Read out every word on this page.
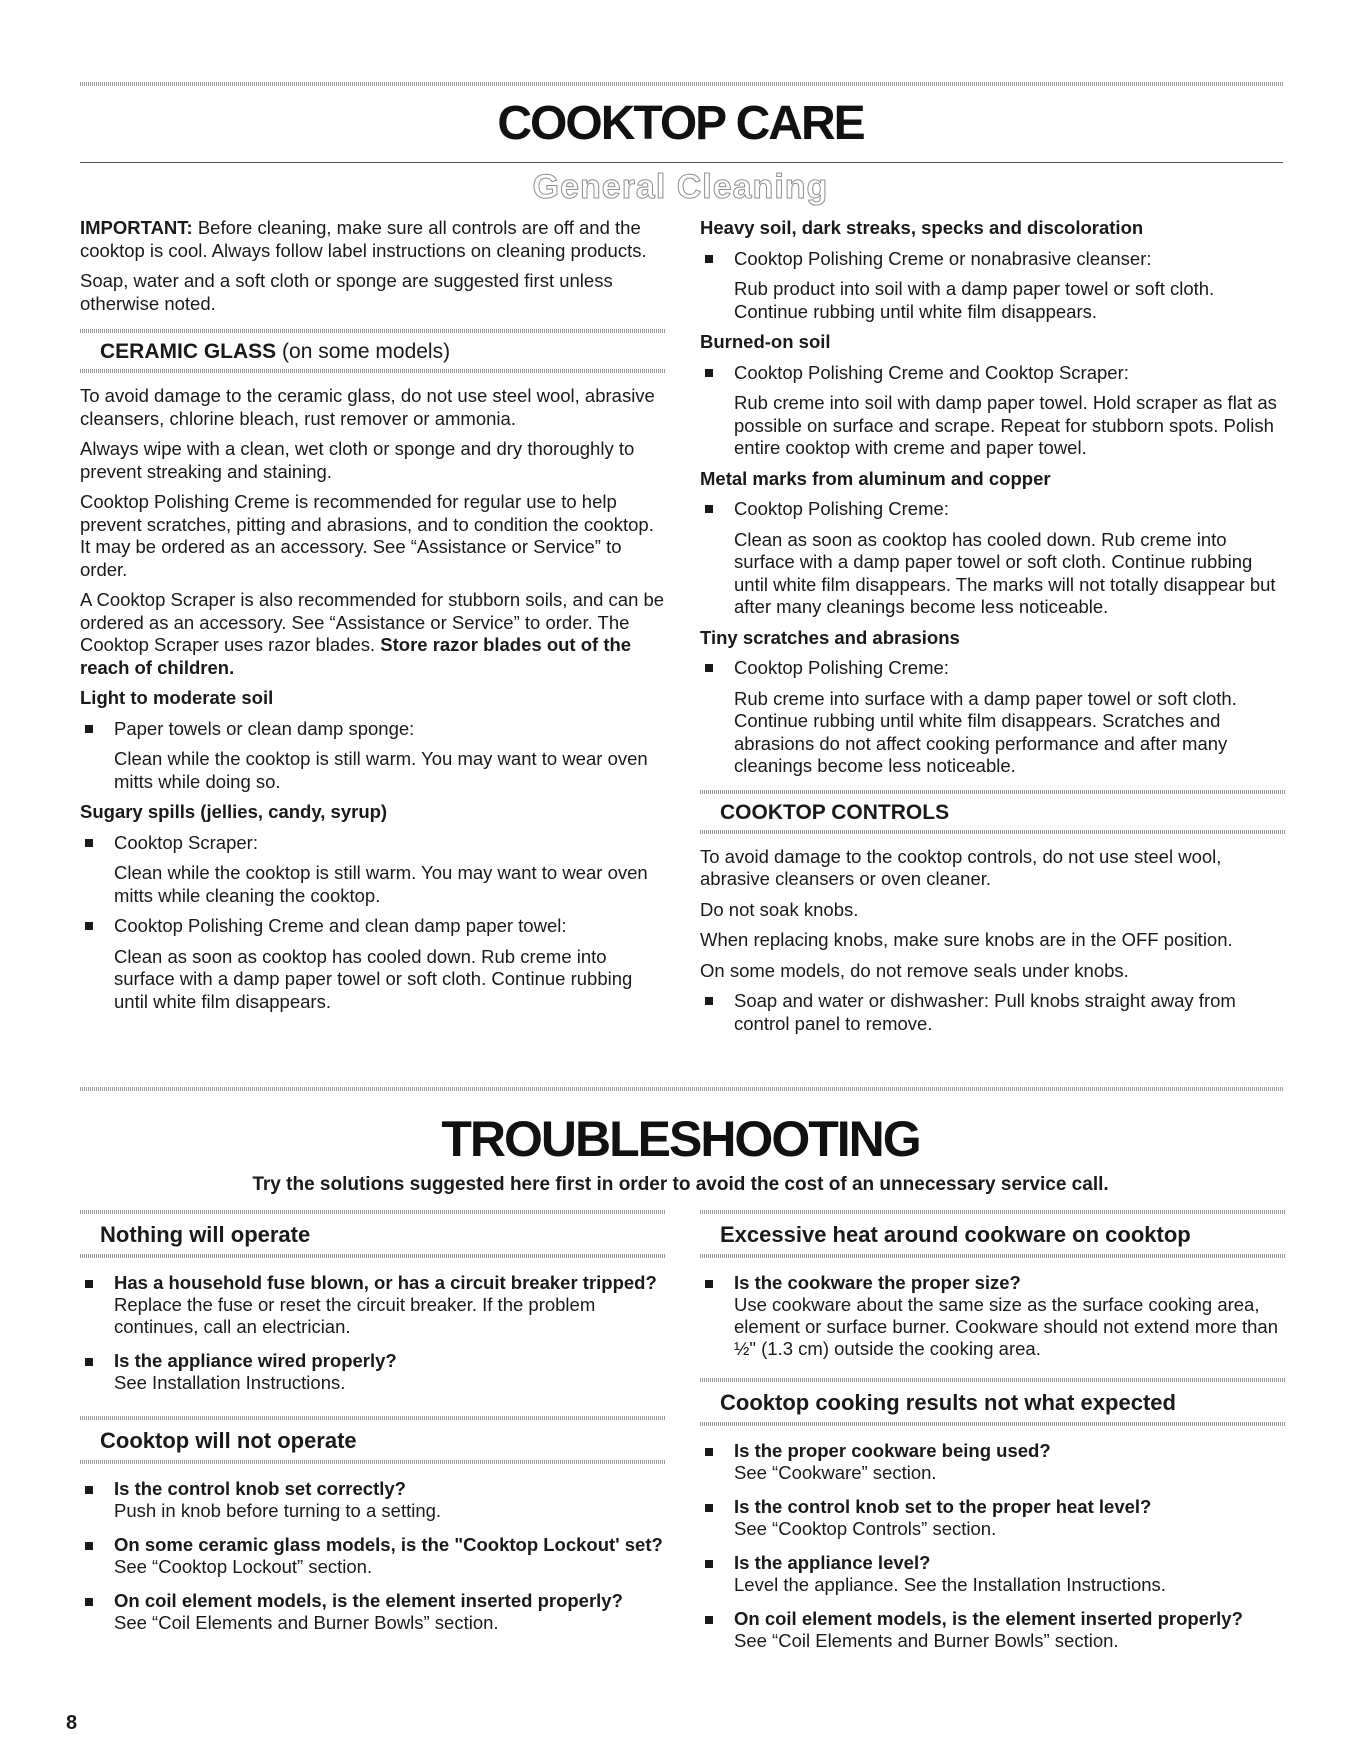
COOKTOP CARE
General Cleaning

IMPORTANT: Before cleaning, make sure all controls are off and the cooktop is cool. Always follow label instructions on cleaning products.

Soap, water and a soft cloth or sponge are suggested first unless otherwise noted.

CERAMIC GLASS (on some models)

To avoid damage to the ceramic glass, do not use steel wool, abrasive cleansers, chlorine bleach, rust remover or ammonia.

Always wipe with a clean, wet cloth or sponge and dry thoroughly to prevent streaking and staining.

Cooktop Polishing Creme is recommended for regular use to help prevent scratches, pitting and abrasions, and to condition the cooktop. It may be ordered as an accessory. See “Assistance or Service” to order.

A Cooktop Scraper is also recommended for stubborn soils, and can be ordered as an accessory. See “Assistance or Service” to order. The Cooktop Scraper uses razor blades. Store razor blades out of the reach of children.

Light to moderate soil

Paper towels or clean damp sponge:

Clean while the cooktop is still warm. You may want to wear oven mitts while doing so.

Sugary spills (jellies, candy, syrup)

Cooktop Scraper:

Clean while the cooktop is still warm. You may want to wear oven mitts while cleaning the cooktop.

Cooktop Polishing Creme and clean damp paper towel:

Clean as soon as cooktop has cooled down. Rub creme into surface with a damp paper towel or soft cloth. Continue rubbing until white film disappears.

Heavy soil, dark streaks, specks and discoloration

Cooktop Polishing Creme or nonabrasive cleanser:

Rub product into soil with a damp paper towel or soft cloth. Continue rubbing until white film disappears.

Burned-on soil

Cooktop Polishing Creme and Cooktop Scraper:

Rub creme into soil with damp paper towel. Hold scraper as flat as possible on surface and scrape. Repeat for stubborn spots. Polish entire cooktop with creme and paper towel.

Metal marks from aluminum and copper

Cooktop Polishing Creme:

Clean as soon as cooktop has cooled down. Rub creme into surface with a damp paper towel or soft cloth. Continue rubbing until white film disappears. The marks will not totally disappear but after many cleanings become less noticeable.

Tiny scratches and abrasions

Cooktop Polishing Creme:

Rub creme into surface with a damp paper towel or soft cloth. Continue rubbing until white film disappears. Scratches and abrasions do not affect cooking performance and after many cleanings become less noticeable.

COOKTOP CONTROLS

To avoid damage to the cooktop controls, do not use steel wool, abrasive cleansers or oven cleaner.

Do not soak knobs.

When replacing knobs, make sure knobs are in the OFF position.

On some models, do not remove seals under knobs.

Soap and water or dishwasher: Pull knobs straight away from control panel to remove.

TROUBLESHOOTING
Try the solutions suggested here first in order to avoid the cost of an unnecessary service call.
Nothing will operate
Has a household fuse blown, or has a circuit breaker tripped?
Replace the fuse or reset the circuit breaker. If the problem continues, call an electrician.
Is the appliance wired properly?
See Installation Instructions.
Cooktop will not operate
Is the control knob set correctly?
Push in knob before turning to a setting.
On some ceramic glass models, is the "Cooktop Lockout' set?
See “Cooktop Lockout” section.
On coil element models, is the element inserted properly?
See “Coil Elements and Burner Bowls” section.
Excessive heat around cookware on cooktop
Is the cookware the proper size?
Use cookware about the same size as the surface cooking area, element or surface burner. Cookware should not extend more than ½" (1.3 cm) outside the cooking area.
Cooktop cooking results not what expected
Is the proper cookware being used?
See “Cookware” section.
Is the control knob set to the proper heat level?
See “Cooktop Controls” section.
Is the appliance level?
Level the appliance. See the Installation Instructions.
On coil element models, is the element inserted properly?
See “Coil Elements and Burner Bowls” section.
8
